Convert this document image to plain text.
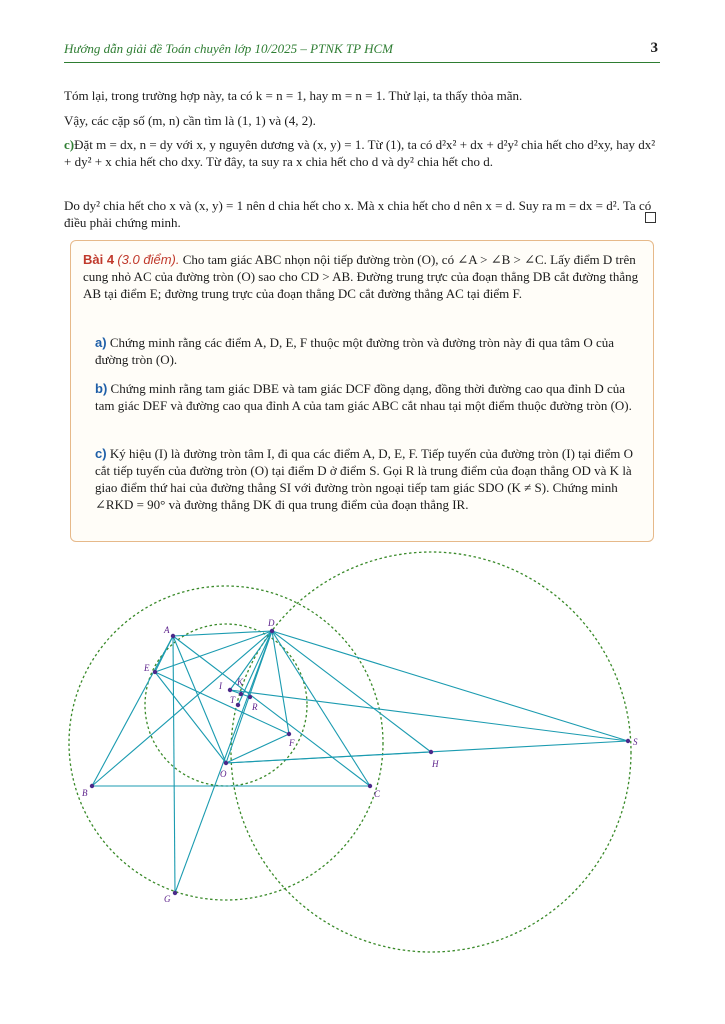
Hướng dẫn giải đề Toán chuyên lớp 10/2025 – PTNK TP HCM	3
Tóm lại, trong trường hợp này, ta có k = n = 1, hay m = n = 1. Thử lại, ta thấy thỏa mãn.
Vậy, các cặp số (m, n) cần tìm là (1, 1) và (4, 2).
c)Đặt m = dx, n = dy với x, y nguyên dương và (x, y) = 1. Từ (1), ta có d²x² + dx + d²y² chia hết cho d²xy, hay dx² + dy² + x chia hết cho dxy. Từ đây, ta suy ra x chia hết cho d và dy² chia hết cho d.
Do dy² chia hết cho x và (x, y) = 1 nên d chia hết cho x. Mà x chia hết cho d nên x = d. Suy ra m = dx = d². Ta có điều phải chứng minh.
Bài 4 (3.0 điểm). Cho tam giác ABC nhọn nội tiếp đường tròn (O), có ∠A > ∠B > ∠C. Lấy điểm D trên cung nhỏ AC của đường tròn (O) sao cho CD > AB. Đường trung trực của đoạn thẳng DB cắt đường thẳng AB tại điểm E; đường trung trực của đoạn thẳng DC cắt đường thẳng AC tại điểm F.
a) Chứng minh rằng các điểm A, D, E, F thuộc một đường tròn và đường tròn này đi qua tâm O của đường tròn (O).
b) Chứng minh rằng tam giác DBE và tam giác DCF đồng dạng, đồng thời đường cao qua đỉnh D của tam giác DEF và đường cao qua đỉnh A của tam giác ABC cắt nhau tại một điểm thuộc đường tròn (O).
c) Ký hiệu (I) là đường tròn tâm I, đi qua các điểm A, D, E, F. Tiếp tuyến của đường tròn (I) tại điểm O cắt tiếp tuyến của đường tròn (O) tại điểm D ở điểm S. Gọi R là trung điểm của đoạn thẳng OD và K là giao điểm thứ hai của đường thẳng SI với đường tròn ngoại tiếp tam giác SDO (K ≠ S). Chứng minh ∠RKD = 90° và đường thẳng DK đi qua trung điểm của đoạn thẳng IR.
A
D
E
I K
T
R
F
O
H
S
B	C
G
